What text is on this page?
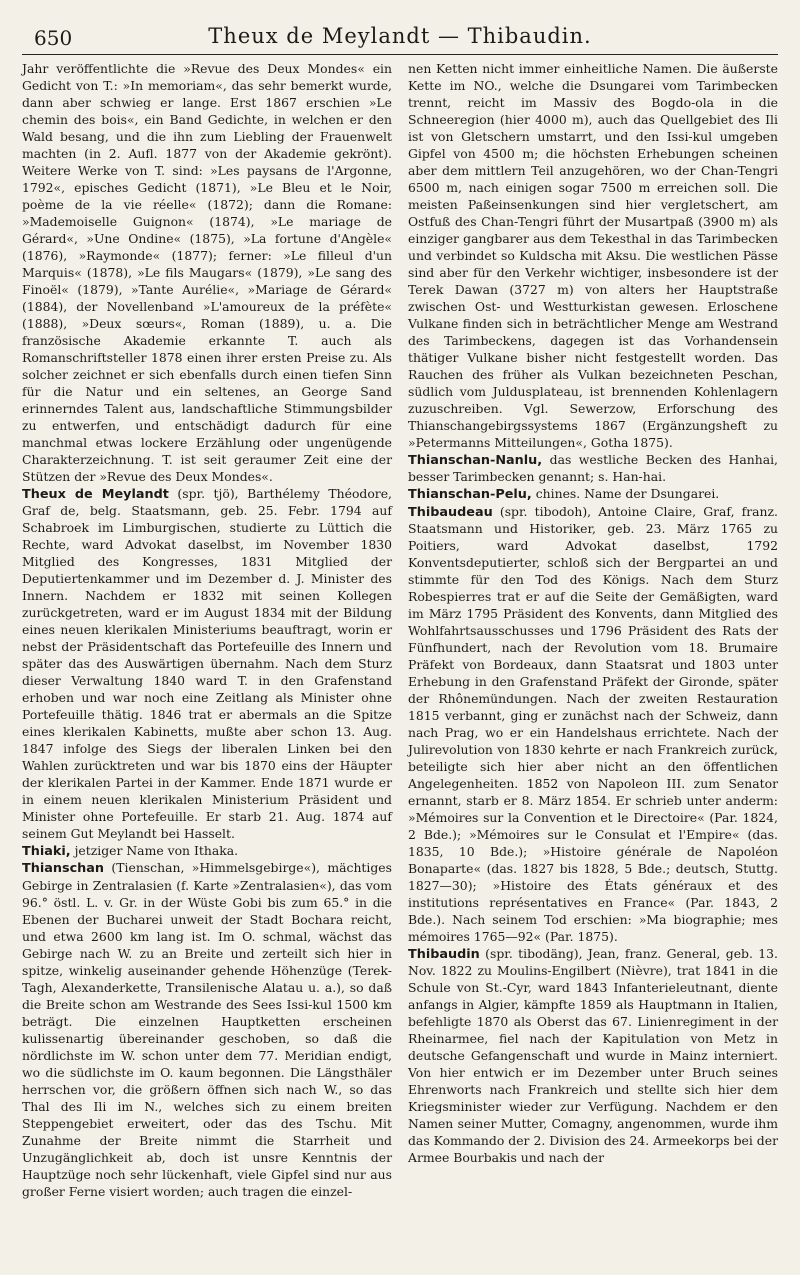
650	Theux de Meylandt — Thibaudin.

Jahr veröffentlichte die »Revue des Deux Mondes« ein Gedicht von T.: »In memoriam«, das sehr bemerkt wurde, dann aber schwieg er lange. Erst 1867 erschien »Le chemin des bois«, ein Band Gedichte, in welchen er den Wald besang, und die ihn zum Liebling der Frauenwelt machten (in 2. Aufl. 1877 von der Akademie gekrönt). Weitere Werke von T. sind: »Les paysans de l'Argonne, 1792«, episches Gedicht (1871), »Le Bleu et le Noir, poème de la vie réelle« (1872); dann die Romane: »Mademoiselle Guignon« (1874), »Le mariage de Gérard«, »Une Ondine« (1875), »La fortune d'Angèle« (1876), »Raymonde« (1877); ferner: »Le filleul d'un Marquis« (1878), »Le fils Maugars« (1879), »Le sang des Finoël« (1879), »Tante Aurélie«, »Mariage de Gérard« (1884), der Novellenband »L'amoureux de la préfète« (1888), »Deux sœurs«, Roman (1889), u. a. Die französische Akademie erkannte T. auch als Romanschriftsteller 1878 einen ihrer ersten Preise zu. Als solcher zeichnet er sich ebenfalls durch einen tiefen Sinn für die Natur und ein seltenes, an George Sand erinnerndes Talent aus, landschaftliche Stimmungsbilder zu entwerfen, und entschädigt dadurch für eine manchmal etwas lockere Erzählung oder ungenügende Charakterzeichnung. T. ist seit geraumer Zeit eine der Stützen der »Revue des Deux Mondes«.

Theux de Meylandt (spr. tjö), Barthélemy Théodore, Graf de, belg. Staatsmann, geb. 25. Febr. 1794 auf Schabroek im Limburgischen, studierte zu Lüttich die Rechte, ward Advokat daselbst, im November 1830 Mitglied des Kongresses, 1831 Mitglied der Deputiertenkammer und im Dezember d. J. Minister des Innern. Nachdem er 1832 mit seinen Kollegen zurückgetreten, ward er im August 1834 mit der Bildung eines neuen klerikalen Ministeriums beauftragt, worin er nebst der Präsidentschaft das Portefeuille des Innern und später das des Auswärtigen übernahm. Nach dem Sturz dieser Verwaltung 1840 ward T. in den Grafenstand erhoben und war noch eine Zeitlang als Minister ohne Portefeuille thätig. 1846 trat er abermals an die Spitze eines klerikalen Kabinetts, mußte aber schon 13. Aug. 1847 infolge des Siegs der liberalen Linken bei den Wahlen zurücktreten und war bis 1870 eins der Häupter der klerikalen Partei in der Kammer. Ende 1871 wurde er in einem neuen klerikalen Ministerium Präsident und Minister ohne Portefeuille. Er starb 21. Aug. 1874 auf seinem Gut Meylandt bei Hasselt.

Thiaki, jetziger Name von Ithaka.

Thianschan (Tienschan, »Himmelsgebirge«), mächtiges Gebirge in Zentralasien (f. Karte »Zentralasien«), das vom 96.° östl. L. v. Gr. in der Wüste Gobi bis zum 65.° in die Ebenen der Bucharei unweit der Stadt Bochara reicht, und etwa 2600 km lang ist. Im O. schmal, wächst das Gebirge nach W. zu an Breite und zerteilt sich hier in spitze, winkelig auseinander gehende Höhenzüge (Terek-Tagh, Alexanderkette, Transilenische Alatau u. a.), so daß die Breite schon am Westrande des Sees Issi-kul 1500 km beträgt. Die einzelnen Hauptketten erscheinen kulissenartig übereinander geschoben, so daß die nördlichste im W. schon unter dem 77. Meridian endigt, wo die südlichste im O. kaum begonnen. Die Längsthäler herrschen vor, die größern öffnen sich nach W., so das Thal des Ili im N., welches sich zu einem breiten Steppengebiet erweitert, oder das des Tschu. Mit Zunahme der Breite nimmt die Starrheit und Unzugänglichkeit ab, doch ist unsre Kenntnis der Hauptzüge noch sehr lückenhaft, viele Gipfel sind nur aus großer Ferne visiert worden; auch tragen die einzel-

nen Ketten nicht immer einheitliche Namen. Die äußerste Kette im NO., welche die Dsungarei vom Tarimbecken trennt, reicht im Massiv des Bogdo-ola in die Schneeregion (hier 4000 m), auch das Quellgebiet des Ili ist von Gletschern umstarrt, und den Issi-kul umgeben Gipfel von 4500 m; die höchsten Erhebungen scheinen aber dem mittlern Teil anzugehören, wo der Chan-Tengri 6500 m, nach einigen sogar 7500 m erreichen soll. Die meisten Paßeinsenkungen sind hier vergletschert, am Ostfuß des Chan-Tengri führt der Musartpaß (3900 m) als einziger gangbarer aus dem Tekesthal in das Tarimbecken und verbindet so Kuldscha mit Aksu. Die westlichen Pässe sind aber für den Verkehr wichtiger, insbesondere ist der Terek Dawan (3727 m) von alters her Hauptstraße zwischen Ost- und Westturkistan gewesen. Erloschene Vulkane finden sich in beträchtlicher Menge am Westrand des Tarimbeckens, dagegen ist das Vorhandensein thätiger Vulkane bisher nicht festgestellt worden. Das Rauchen des früher als Vulkan bezeichneten Peschan, südlich vom Juldusplateau, ist brennenden Kohlenlagern zuzuschreiben. Vgl. Sewerzow, Erforschung des Thianschangebirgssystems 1867 (Ergänzungsheft zu »Petermanns Mitteilungen«, Gotha 1875).

Thianschan-Nanlu, das westliche Becken des Hanhai, besser Tarimbecken genannt; s. Han-hai.

Thianschan-Pelu, chines. Name der Dsungarei.

Thibaudeau (spr. tibodoh), Antoine Claire, Graf, franz. Staatsmann und Historiker, geb. 23. März 1765 zu Poitiers, ward Advokat daselbst, 1792 Konventsdeputierter, schloß sich der Bergpartei an und stimmte für den Tod des Königs. Nach dem Sturz Robespierres trat er auf die Seite der Gemäßigten, ward im März 1795 Präsident des Konvents, dann Mitglied des Wohlfahrtsausschusses und 1796 Präsident des Rats der Fünfhundert, nach der Revolution vom 18. Brumaire Präfekt von Bordeaux, dann Staatsrat und 1803 unter Erhebung in den Grafenstand Präfekt der Gironde, später der Rhônemündungen. Nach der zweiten Restauration 1815 verbannt, ging er zunächst nach der Schweiz, dann nach Prag, wo er ein Handelshaus errichtete. Nach der Julirevolution von 1830 kehrte er nach Frankreich zurück, beteiligte sich hier aber nicht an den öffentlichen Angelegenheiten. 1852 von Napoleon III. zum Senator ernannt, starb er 8. März 1854. Er schrieb unter anderm: »Mémoires sur la Convention et le Directoire« (Par. 1824, 2 Bde.); »Mémoires sur le Consulat et l'Empire« (das. 1835, 10 Bde.); »Histoire générale de Napoléon Bonaparte« (das. 1827 bis 1828, 5 Bde.; deutsch, Stuttg. 1827—30); »Histoire des États généraux et des institutions représentatives en France« (Par. 1843, 2 Bde.). Nach seinem Tod erschien: »Ma biographie; mes mémoires 1765—92« (Par. 1875).

Thibaudin (spr. tibodäng), Jean, franz. General, geb. 13. Nov. 1822 zu Moulins-Engilbert (Nièvre), trat 1841 in die Schule von St.-Cyr, ward 1843 Infanterieleutnant, diente anfangs in Algier, kämpfte 1859 als Hauptmann in Italien, befehligte 1870 als Oberst das 67. Linienregiment in der Rheinarmee, fiel nach der Kapitulation von Metz in deutsche Gefangenschaft und wurde in Mainz interniert. Von hier entwich er im Dezember unter Bruch seines Ehrenworts nach Frankreich und stellte sich hier dem Kriegsminister wieder zur Verfügung. Nachdem er den Namen seiner Mutter, Comagny, angenommen, wurde ihm das Kommando der 2. Division des 24. Armeekorps bei der Armee Bourbakis und nach der
